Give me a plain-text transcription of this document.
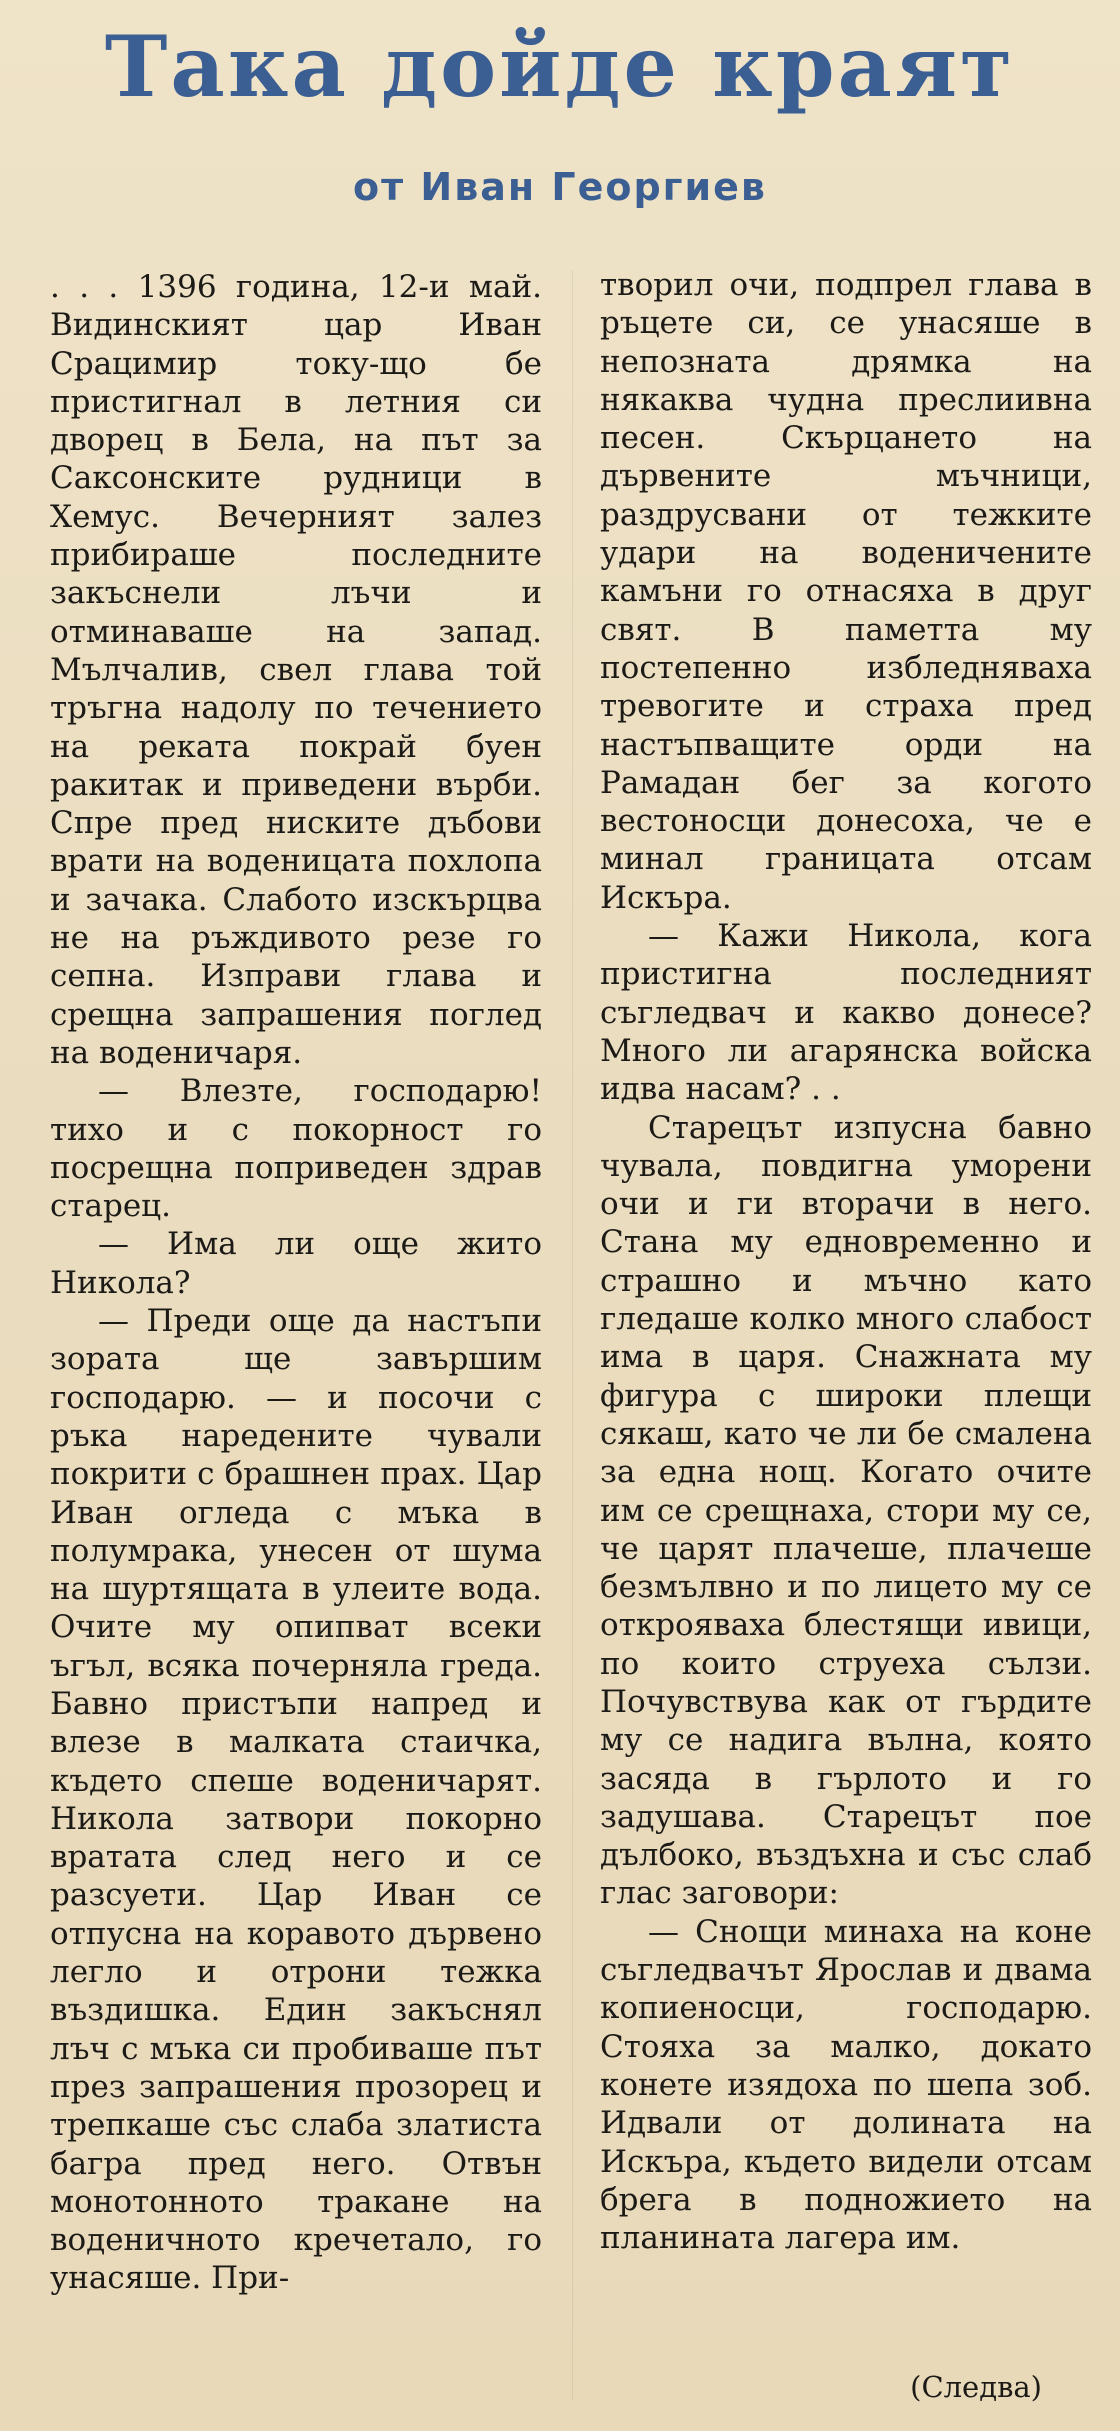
Така дойде краят
от Иван Георгиев

. . . 1396 година, 12-и май. Видинският цар Иван Срацимир току-що бе пристигнал в летния си дворец в Бела, на път за Саксонските рудници в Хемус. Вечерният залез прибираше последните закъснели лъчи и отминаваше на запад. Мълчалив, свел глава той тръгна надолу по течението на реката покрай буен ракитак и приведени върби. Спре пред ниските дъбови врати на воденицата похлопа и зачака. Слабото изскърцва не на ръждивото резе го сепна. Изправи глава и срещна запрашения поглед на воденичаря.

— Влезте, господарю! тихо и с покорност го посрещна поприведен здрав старец.

— Има ли още жито Никола?

— Преди още да настъпи зората ще завършим господарю. — и посочи с ръка наредените чували покрити с брашнен прах. Цар Иван огледа с мъка в полумрака, унесен от шума на шуртящата в улеите вода. Очите му опипват всеки ъгъл, всяка почерняла греда. Бавно пристъпи напред и влезе в малката стаичка, където спеше воденичарят. Никола затвори покорно вратата след него и се разсуети. Цар Иван се отпусна на коравото дървено легло и отрони тежка въздишка. Един закъснял лъч с мъка си пробиваше път през запрашения прозорец и трепкаше със слаба златиста багра пред него. Отвън монотонното тракане на воденичното кречетало, го унасяше. При-

творил очи, подпрел глава в ръцете си, се унасяше в непозната дрямка на някаква чудна преслиивна песен. Скърцането на дървените мъчници, раздрусвани от тежките удари на воденичените камъни го отнасяха в друг свят. В паметта му постепенно избледняваха тревогите и страха пред настъпващите орди на Рамадан бег за когото вестоносци донесоха, че е минал границата отсам Искъра.

— Кажи Никола, кога пристигна последният съгледвач и какво донесе? Много ли агарянска войска идва насам? . .

Старецът изпусна бавно чувала, повдигна уморени очи и ги вторачи в него. Стана му едновременно и страшно и мъчно като гледаше колко много слабост има в царя. Снажната му фигура с широки плещи сякаш, като че ли бе смалена за една нощ. Когато очите им се срещнаха, стори му се, че царят плачеше, плачеше безмълвно и по лицето му се открояваха блестящи ивици, по които струеха сълзи. Почувствува как от гърдите му се надига вълна, която засяда в гърлото и го задушава. Старецът пое дълбоко, въздъхна и със слаб глас заговори:

— Снощи минаха на коне съгледвачът Ярослав и двама копиеносци, господарю. Стояха за малко, докато конете изядоха по шепа зоб. Идвали от долината на Искъра, където видели отсам брега в подножието на планината лагера им.

(Следва)
